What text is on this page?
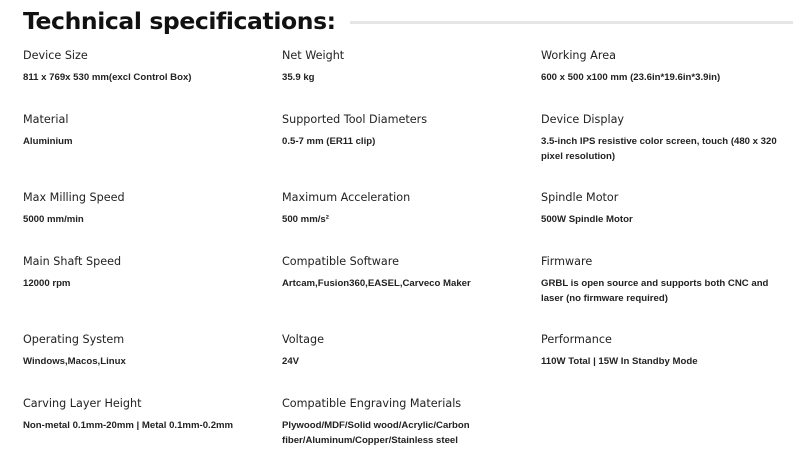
Technical specifications:
Device Size
811 x 769x 530 mm(excl Control Box)
Net Weight
35.9 kg
Working Area
600 x 500 x100 mm (23.6in*19.6in*3.9in)
Material
Aluminium
Supported Tool Diameters
0.5-7 mm (ER11 clip)
Device Display
3.5-inch IPS resistive color screen, touch (480 x 320 pixel resolution)
Max Milling Speed
5000 mm/min
Maximum Acceleration
500 mm/s²
Spindle Motor
500W Spindle Motor
Main Shaft Speed
12000 rpm
Compatible Software
Artcam,Fusion360,EASEL,Carveco Maker
Firmware
GRBL is open source and supports both CNC and laser (no firmware required)
Operating System
Windows,Macos,Linux
Voltage
24V
Performance
110W Total | 15W In Standby Mode
Carving Layer Height
Non-metal 0.1mm-20mm | Metal 0.1mm-0.2mm
Compatible Engraving Materials
Plywood/MDF/Solid wood/Acrylic/Carbon fiber/Aluminum/Copper/Stainless steel
